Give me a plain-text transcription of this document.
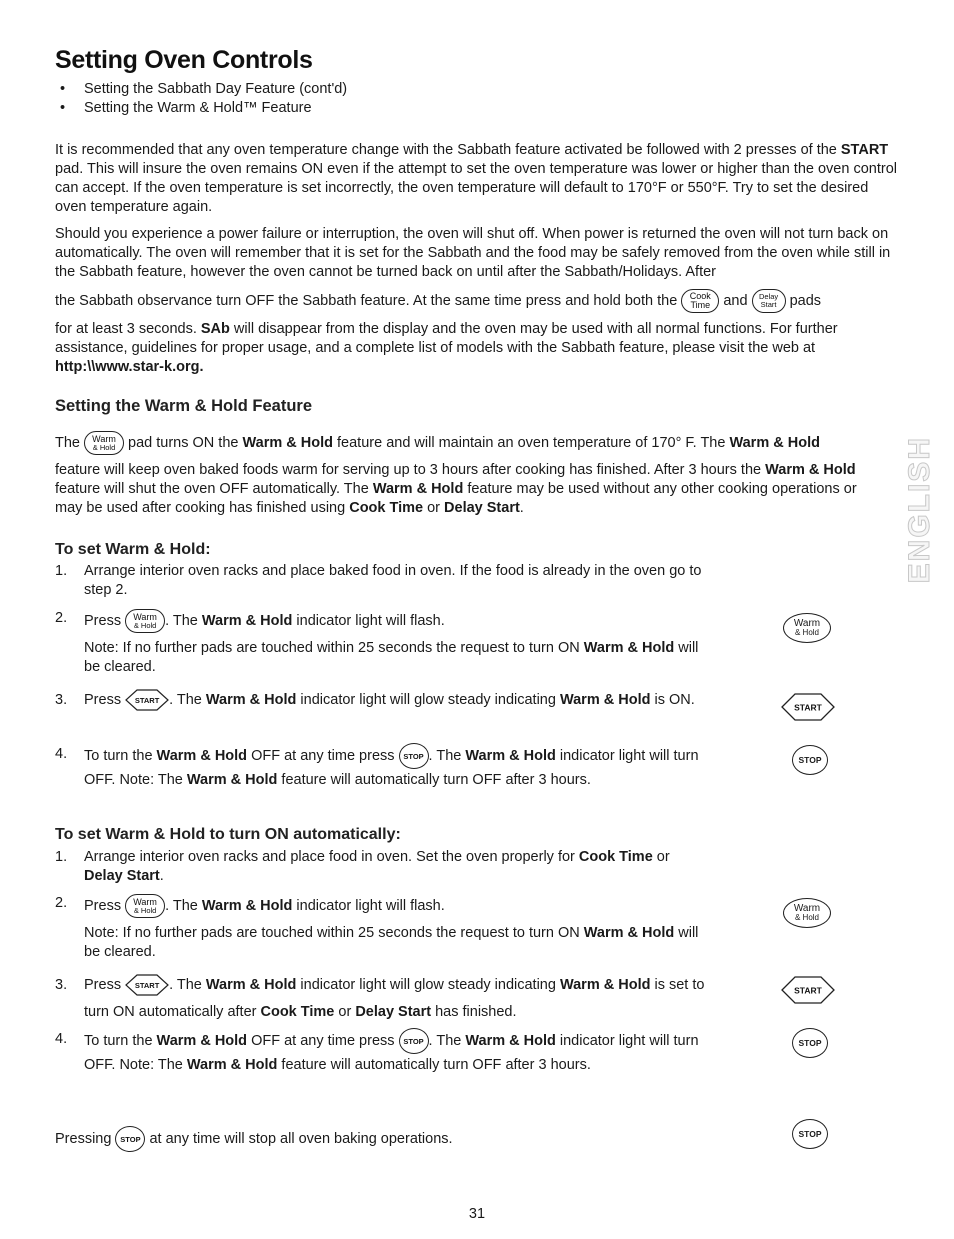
Setting Oven Controls
• Setting the Sabbath Day Feature (cont'd)
• Setting the Warm & Hold™ Feature

It is recommended that any oven temperature change with the Sabbath feature activated be followed with 2 presses of the START pad. This will insure the oven remains ON even if the attempt to set the oven temperature was lower or higher than the oven control can accept. If the oven temperature is set incorrectly, the oven temperature will default to 170°F or 550°F. Try to set the desired oven temperature again.

Should you experience a power failure or interruption, the oven will shut off. When power is returned the oven will not turn back on automatically. The oven will remember that it is set for the Sabbath and the food may be safely removed from the oven while still in the Sabbath feature, however the oven cannot be turned back on until after the Sabbath/Holidays. After

the Sabbath observance turn OFF the Sabbath feature. At the same time press and hold both the Cook
Time and Delay
Start pads

for at least 3 seconds. SAb will disappear from the display and the oven may be used with all normal functions. For further assistance, guidelines for proper usage, and a complete list of models with the Sabbath feature, please visit the web at http:\\www.star-k.org.

Setting the Warm & Hold Feature

The Warm
& Hold pad turns ON the Warm & Hold feature and will maintain an oven temperature of 170° F. The Warm & Hold

feature will keep oven baked foods warm for serving up to 3 hours after cooking has finished. After 3 hours the Warm & Hold feature will shut the oven OFF automatically. The Warm & Hold feature may be used without any other cooking operations or may be used after cooking has finished using Cook Time or Delay Start.	ENGLISH
To set Warm & Hold:
1. Arrange interior oven racks and place baked food in oven. If the food is already in the oven go to step 2.
2. Press Warm
& Hold . The Warm & Hold indicator light will flash.
Note: If no further pads are touched within 25 seconds the request to turn ON Warm & Hold will be cleared.
3. Press START . The Warm & Hold indicator light will glow steady indicating Warm & Hold is ON.
4. To turn the Warm & Hold OFF at any time press STOP . The Warm & Hold indicator light will turn OFF. Note: The Warm & Hold feature will automatically turn OFF after 3 hours.
Warm
& Hold
START
STOP
To set Warm & Hold to turn ON automatically:
1. Arrange interior oven racks and place food in oven. Set the oven properly for Cook Time or Delay Start.
2. Press Warm
& Hold . The Warm & Hold indicator light will flash.
Note: If no further pads are touched within 25 seconds the request to turn ON Warm & Hold will be cleared.
3. Press START . The Warm & Hold indicator light will glow steady indicating Warm & Hold is set to turn ON automatically after Cook Time or Delay Start has finished.
4. To turn the Warm & Hold OFF at any time press STOP . The Warm & Hold indicator light will turn OFF. Note: The Warm & Hold feature will automatically turn OFF after 3 hours.
Warm
& Hold
START
STOP

Pressing STOP at any time will stop all oven baking operations.	STOP
31
